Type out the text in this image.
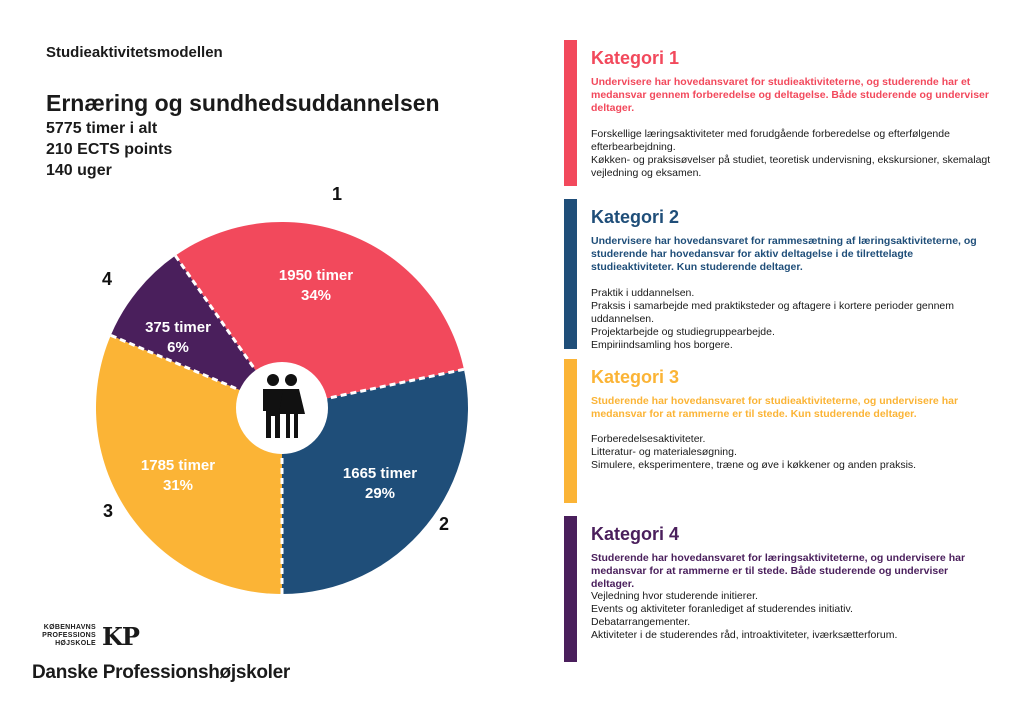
Studieaktivitetsmodellen
Ernæring og sundhedsuddannelsen
5775 timer i alt
210 ECTS points
140 uger
1950 timer
34%
1
1665 timer
29%
2
1785 timer
31%
3
375 timer
6%
4
Kategori 1
Undervisere har hovedansvaret for studieaktiviteterne, og studerende har et medansvar gennem forberedelse og deltagelse. Både studerende og underviser deltager.
Forskellige læringsaktiviteter med forudgående forberedelse og efterfølgende efterbearbejdning.
Køkken- og praksisøvelser på studiet, teoretisk undervisning, ekskursioner, skemalagt vejledning og eksamen.
Kategori 2
Undervisere har hovedansvaret for rammesætning af læringsaktiviteterne, og studerende har hovedansvar for aktiv deltagelse i de tilrettelagte studieaktiviteter. Kun studerende deltager.
Praktik i uddannelsen.
Praksis i samarbejde med praktiksteder og aftagere i kortere perioder gennem uddannelsen.
Projektarbejde og studiegruppearbejde.
Empiriindsamling hos borgere.
Kategori 3
Studerende har hovedansvaret for studieaktiviteterne, og undervisere har medansvar for at rammerne er til stede. Kun studerende deltager.
Forberedelsesaktiviteter.
Litteratur- og materialesøgning.
Simulere, eksperimentere, træne og øve i køkkener og anden praksis.
Kategori 4
Studerende har hovedansvaret for læringsaktiviteterne, og undervisere har medansvar for at rammerne er til stede. Både studerende og underviser deltager.
Vejledning hvor studerende initierer.
Events og aktiviteter foranlediget af studerendes initiativ.
Debatarrangementer.
Aktiviteter i de studerendes råd, introaktiviteter, iværksætterforum.
KØBENHAVNS
PROFESSIONS
HØJSKOLE KP
Danske Professionshøjskoler
